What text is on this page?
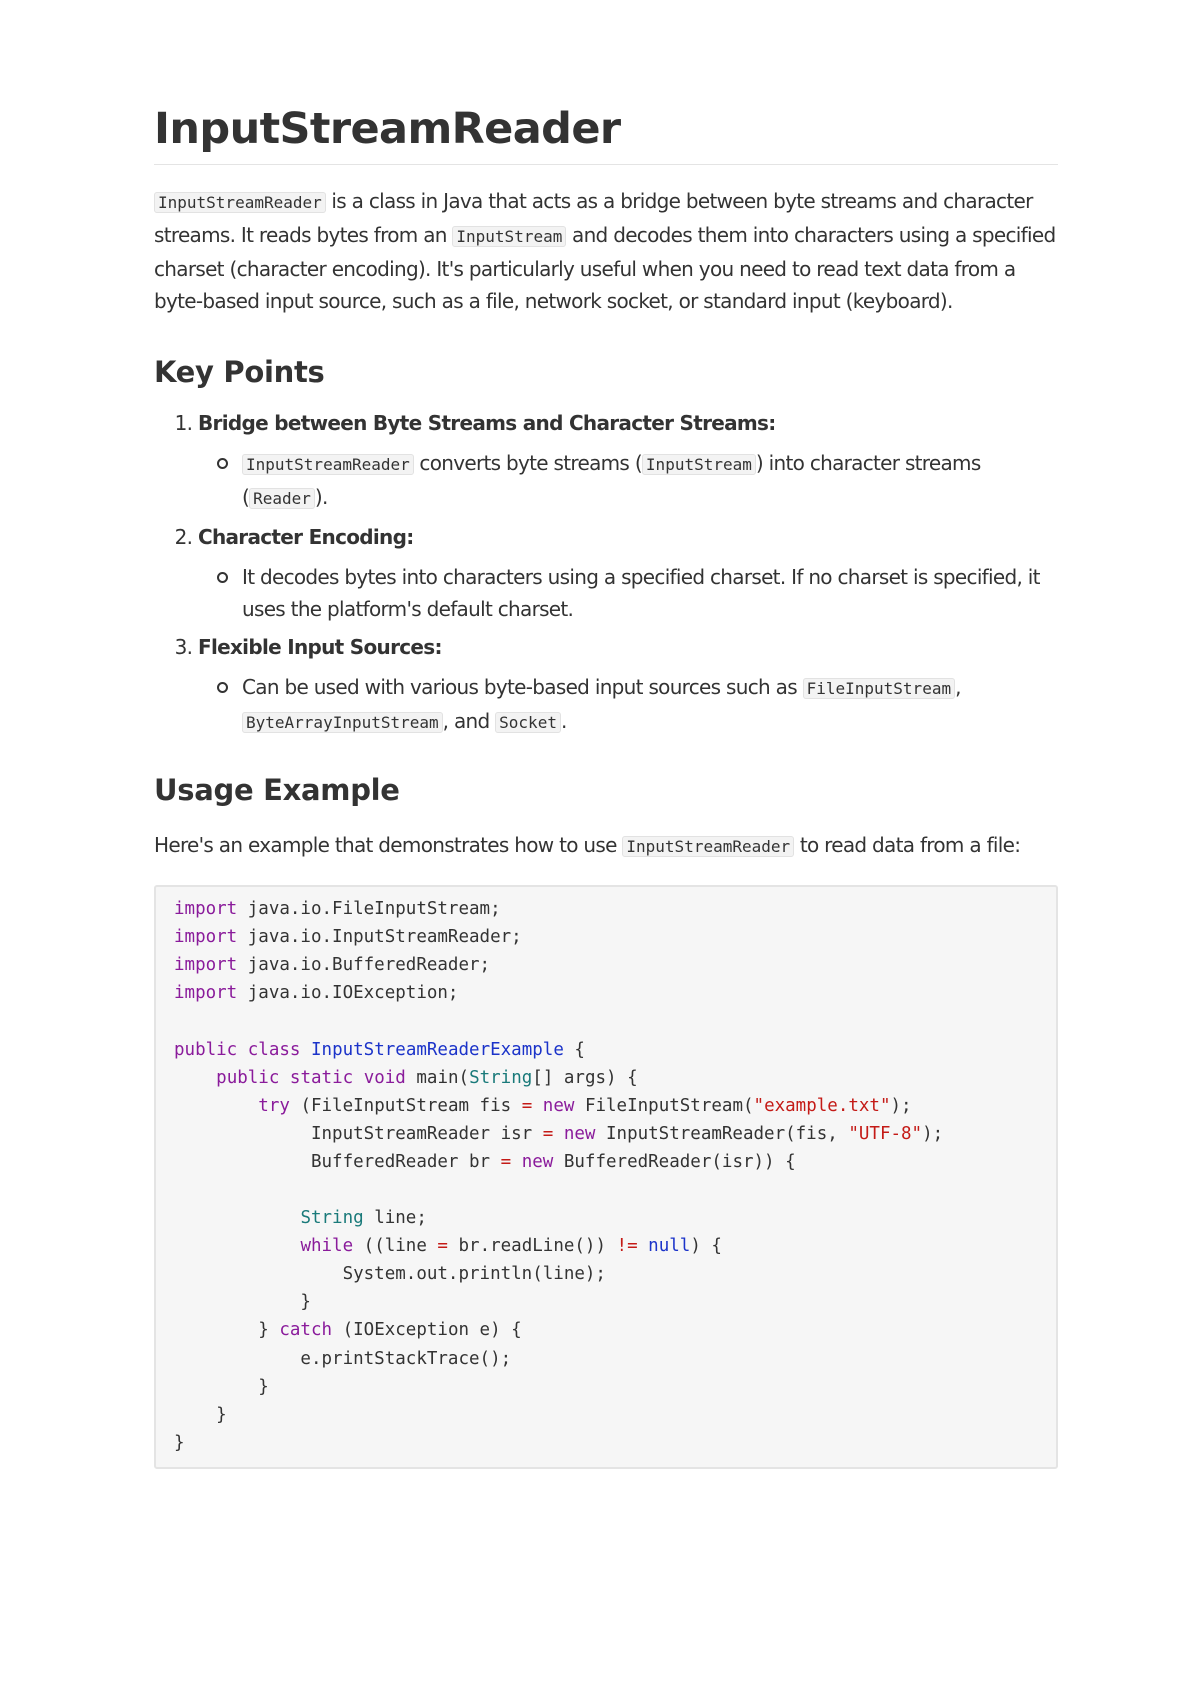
InputStreamReader

InputStreamReader is a class in Java that acts as a bridge between byte streams and character streams. It reads bytes from an InputStream and decodes them into characters using a specified charset (character encoding). It's particularly useful when you need to read text data from a byte-based input source, such as a file, network socket, or standard input (keyboard).

Key Points
1. Bridge between Byte Streams and Character Streams:
InputStreamReader converts byte streams ( InputStream ) into character streams ( Reader ).
2. Character Encoding:
It decodes bytes into characters using a specified charset. If no charset is specified, it uses the platform's default charset.
3. Flexible Input Sources:
Can be used with various byte-based input sources such as FileInputStream , ByteArrayInputStream , and Socket .
Usage Example

Here's an example that demonstrates how to use InputStreamReader to read data from a file:

import java.io.FileInputStream;
import java.io.InputStreamReader;
import java.io.BufferedReader;
import java.io.IOException;

public class InputStreamReaderExample {
public static void main(String[] args) {
try (FileInputStream fis = new FileInputStream("example.txt");
InputStreamReader isr = new InputStreamReader(fis, "UTF-8");
BufferedReader br = new BufferedReader(isr)) {

String line;
while ((line = br.readLine()) != null) {
System.out.println(line);
}
} catch (IOException e) {
e.printStackTrace();
}
}
}
